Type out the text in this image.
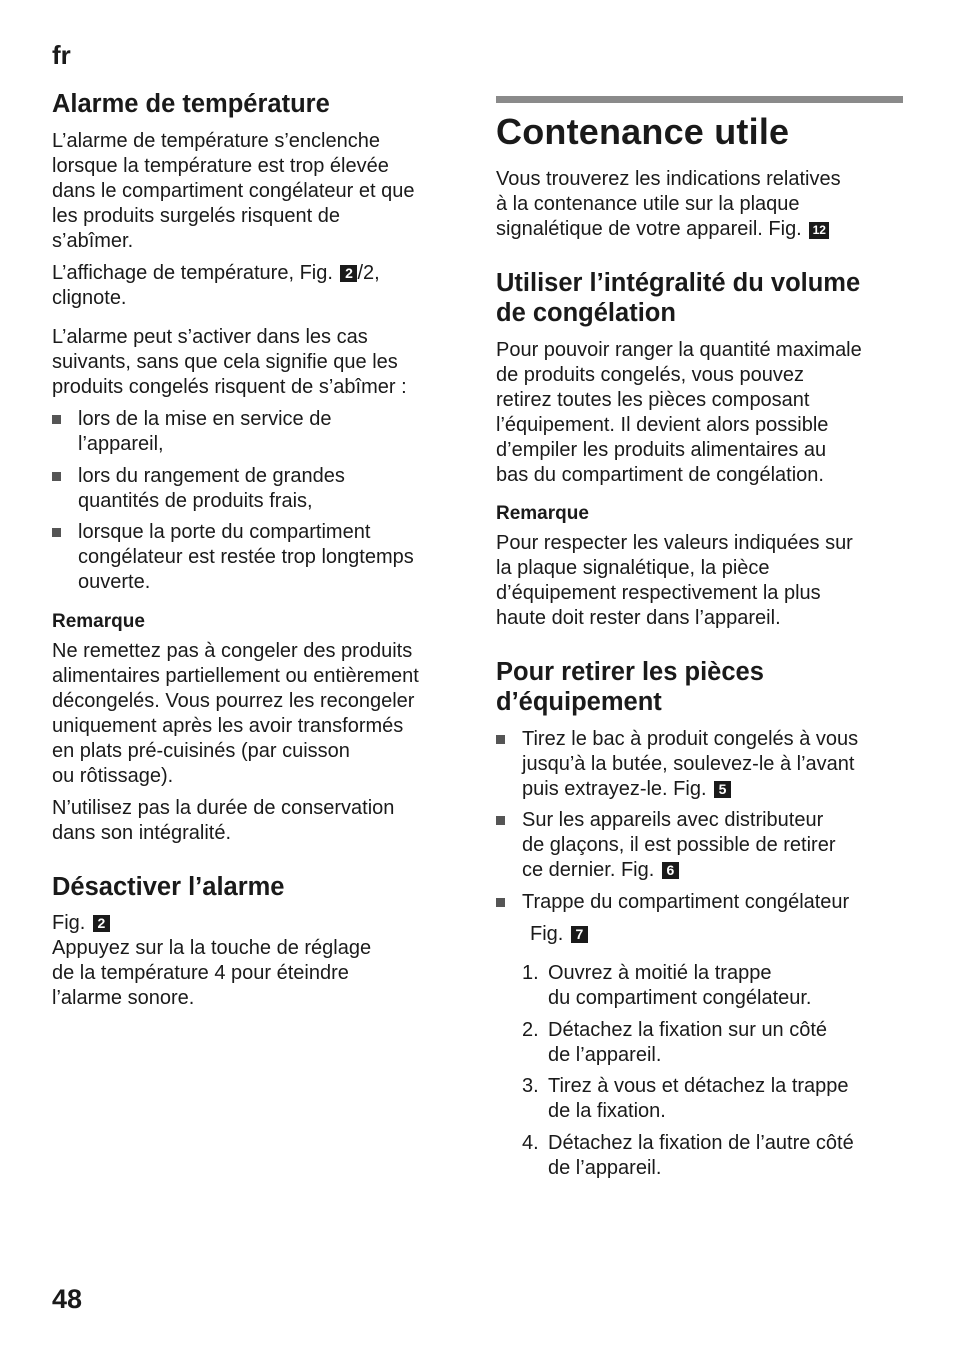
fr
Alarme de température

L’alarme de température s’enclenche

lorsque la température est trop élevée

dans le compartiment congélateur et que

les produits surgelés risquent de

s’abîmer.

L’affichage de température, Fig. 2 /2,

clignote.

L’alarme peut s’activer dans les cas

suivants, sans que cela signifie que les

produits congelés risquent de s’abîmer :

lors de la mise en service de
l’appareil,
lors du rangement de grandes
quantités de produits frais,
lorsque la porte du compartiment
congélateur est restée trop longtemps
ouverte.

Remarque

Ne remettez pas à congeler des produits

alimentaires partiellement ou entièrement

décongelés. Vous pourrez les recongeler

uniquement après les avoir transformés

en plats pré-cuisinés (par cuisson

ou rôtissage).

N’utilisez pas la durée de conservation

dans son intégralité.

Désactiver l’alarme

Fig. 2

Appuyez sur la la touche de réglage

de la température 4 pour éteindre

l’alarme sonore.

Contenance utile

Vous trouverez les indications relatives

à la contenance utile sur la plaque

signalétique de votre appareil. Fig. 12

Utiliser l’intégralité du volume
de congélation

Pour pouvoir ranger la quantité maximale

de produits congelés, vous pouvez

retirez toutes les pièces composant

l’équipement. Il devient alors possible

d’empiler les produits alimentaires au

bas du compartiment de congélation.

Remarque

Pour respecter les valeurs indiquées sur

la plaque signalétique, la pièce

d’équipement respectivement la plus

haute doit rester dans l’appareil.

Pour retirer les pièces
d’équipement
Tirez le bac à produit congelés à vous
jusqu’à la butée, soulevez-le à l’avant
puis extrayez-le. Fig. 5
Sur les appareils avec distributeur
de glaçons, il est possible de retirer
ce dernier. Fig. 6
Trappe du compartiment congélateur

Fig. 7

1. Ouvrez à moitié la trappe
du compartiment congélateur.
2. Détachez la fixation sur un côté
de l’appareil.
3. Tirez à vous et détachez la trappe
de la fixation.
4. Détachez la fixation de l’autre côté
de l’appareil.
48
